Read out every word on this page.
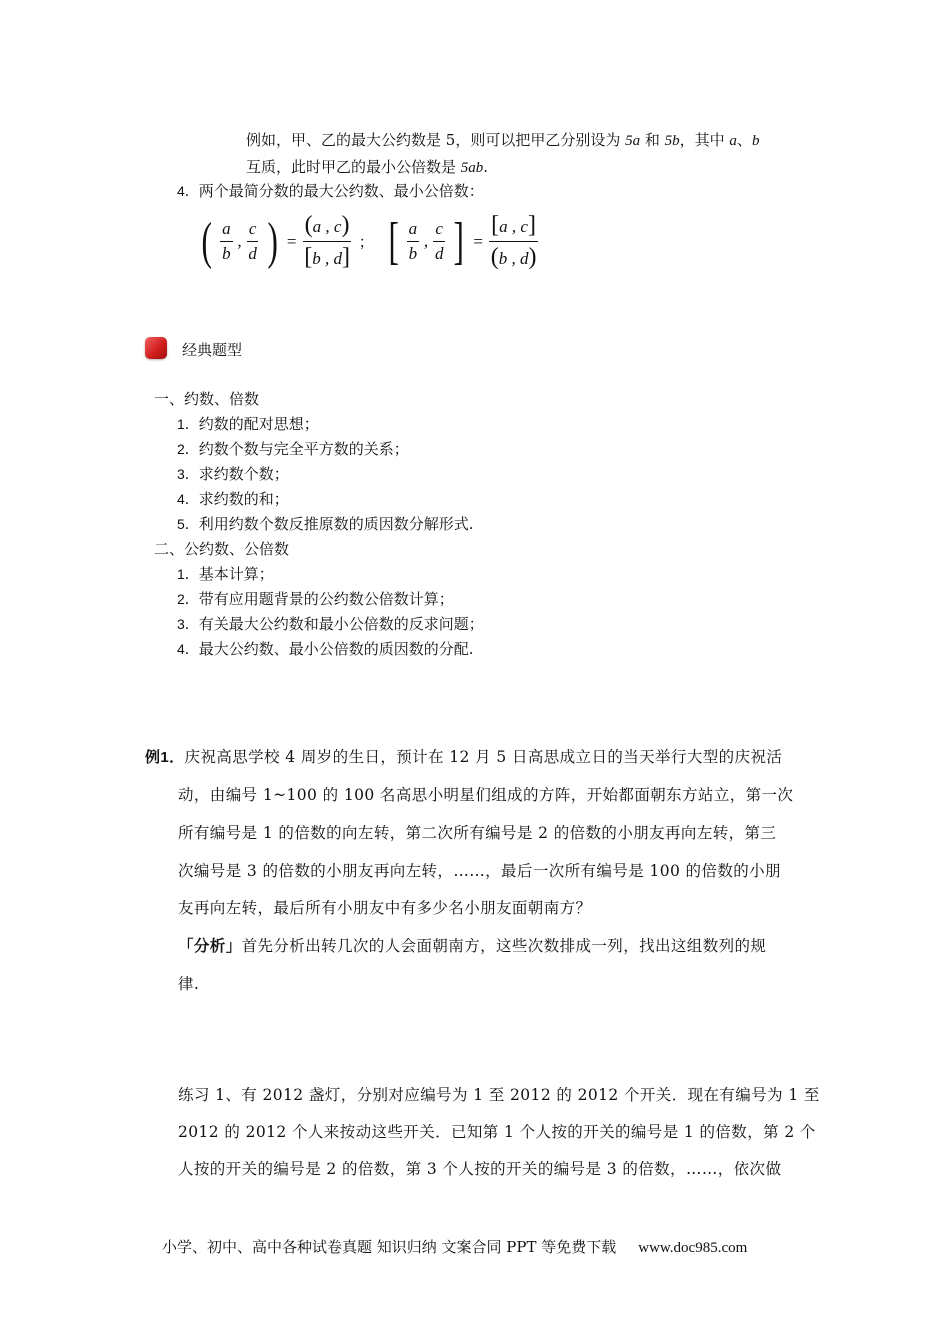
例如，甲、乙的最大公约数是 5，则可以把甲乙分别设为 5a 和 5b，其中 a、b
互质，此时甲乙的最小公倍数是 5ab.
4．两个最简分数的最大公约数、最小公倍数：
( $\frac{a}{b}$ , $\frac{c}{d}$ ) = $\frac{(a , c)}{[b , d]}$ ； [ $\frac{a}{b}$ , $\frac{c}{d}$ ] = $\frac{[a , c]}{(b , d)}$
经典题型
一、约数、倍数
1．约数的配对思想；
2．约数个数与完全平方数的关系；
3．求约数个数；
4．求约数的和；
5．利用约数个数反推原数的质因数分解形式.
二、公约数、公倍数
1．基本计算；
2．带有应用题背景的公约数公倍数计算；
3．有关最大公约数和最小公倍数的反求问题；
4．最大公约数、最小公倍数的质因数的分配.
例1．庆祝高思学校 4 周岁的生日，预计在 12 月 5 日高思成立日的当天举行大型的庆祝活
动，由编号 1~100 的 100 名高思小明星们组成的方阵，开始都面朝东方站立，第一次
所有编号是 1 的倍数的向左转，第二次所有编号是 2 的倍数的小朋友再向左转，第三
次编号是 3 的倍数的小朋友再向左转，……，最后一次所有编号是 100 的倍数的小朋
友再向左转，最后所有小朋友中有多少名小朋友面朝南方？
「分析」首先分析出转几次的人会面朝南方，这些次数排成一列，找出这组数列的规
律.
练习 1、有 2012 盏灯，分别对应编号为 1 至 2012 的 2012 个开关．现在有编号为 1 至
2012 的 2012 个人来按动这些开关．已知第 1 个人按的开关的编号是 1 的倍数，第 2 个
人按的开关的编号是 2 的倍数，第 3 个人按的开关的编号是 3 的倍数，……，依次做
小学、初中、高中各种试卷真题 知识归纳 文案合同 PPT 等免费下载 www.doc985.com
